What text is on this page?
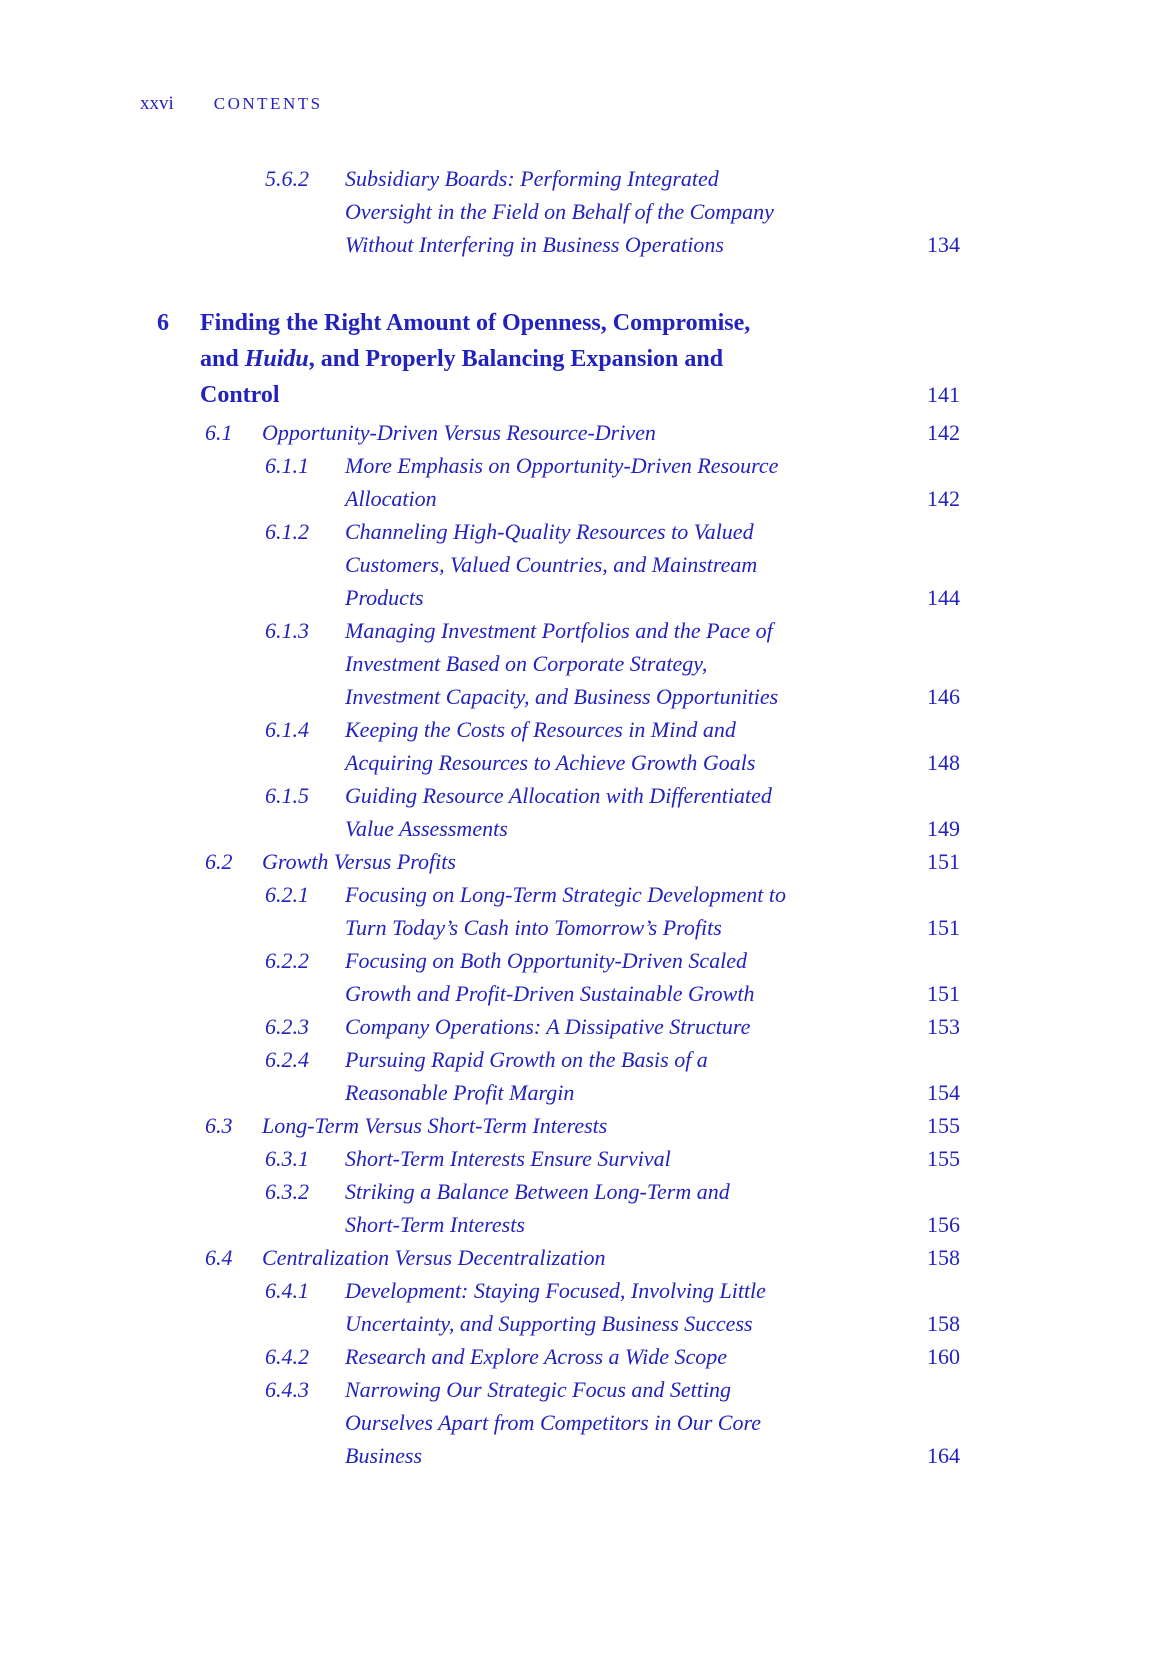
xxvi CONTENTS
5.6.2	Subsidiary Boards: Performing Integrated
Oversight in the Field on Behalf of the Company
Without Interfering in Business Operations	134
6	Finding the Right Amount of Openness, Compromise,
and Huidu, and Properly Balancing Expansion and
Control	141
6.1	Opportunity-Driven Versus Resource-Driven	142
6.1.1	More Emphasis on Opportunity-Driven Resource
Allocation	142
6.1.2	Channeling High-Quality Resources to Valued
Customers, Valued Countries, and Mainstream
Products	144
6.1.3	Managing Investment Portfolios and the Pace of
Investment Based on Corporate Strategy,
Investment Capacity, and Business Opportunities	146
6.1.4	Keeping the Costs of Resources in Mind and
Acquiring Resources to Achieve Growth Goals	148
6.1.5	Guiding Resource Allocation with Differentiated
Value Assessments	149
6.2	Growth Versus Profits	151
6.2.1	Focusing on Long-Term Strategic Development to
Turn Today’s Cash into Tomorrow’s Profits	151
6.2.2	Focusing on Both Opportunity-Driven Scaled
Growth and Profit-Driven Sustainable Growth	151
6.2.3	Company Operations: A Dissipative Structure	153
6.2.4	Pursuing Rapid Growth on the Basis of a
Reasonable Profit Margin	154
6.3	Long-Term Versus Short-Term Interests	155
6.3.1	Short-Term Interests Ensure Survival	155
6.3.2	Striking a Balance Between Long-Term and
Short-Term Interests	156
6.4	Centralization Versus Decentralization	158
6.4.1	Development: Staying Focused, Involving Little
Uncertainty, and Supporting Business Success	158
6.4.2	Research and Explore Across a Wide Scope	160
6.4.3	Narrowing Our Strategic Focus and Setting
Ourselves Apart from Competitors in Our Core
Business	164
